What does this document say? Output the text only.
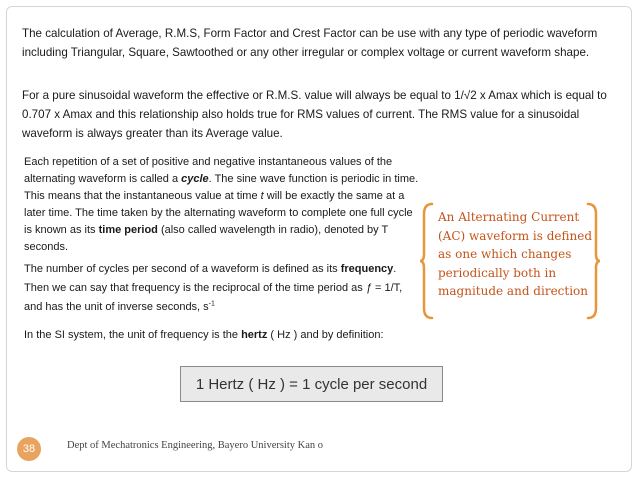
The calculation of Average, R.M.S, Form Factor and Crest Factor can be use with any type of periodic waveform including Triangular, Square, Sawtoothed or any other irregular or complex voltage or current waveform shape.

For a pure sinusoidal waveform the effective or R.M.S. value will always be equal to 1/√2 x Amax which is equal to 0.707 x Amax and this relationship also holds true for RMS values of current. The RMS value for a sinusoidal waveform is always greater than its Average value.

Each repetition of a set of positive and negative instantaneous values of the alternating waveform is called a cycle. The sine wave function is periodic in time. This means that the instantaneous value at time t will be exactly the same at a later time. The time taken by the alternating waveform to complete one full cycle is known as its time period (also called wavelength in radio), denoted by T seconds.

The number of cycles per second of a waveform is defined as its frequency. Then we can say that frequency is the reciprocal of the time period as ƒ = 1/T, and has the unit of inverse seconds, $s^{-1}$

In the SI system, the unit of frequency is the hertz ( Hz ) and by definition:

An Alternating Current (AC) waveform is defined as one which changes periodically both in magnitude and direction
1 Hertz ( Hz ) = 1 cycle per second
38	Dept of Mechatronics Engineering, Bayero University Kan o
